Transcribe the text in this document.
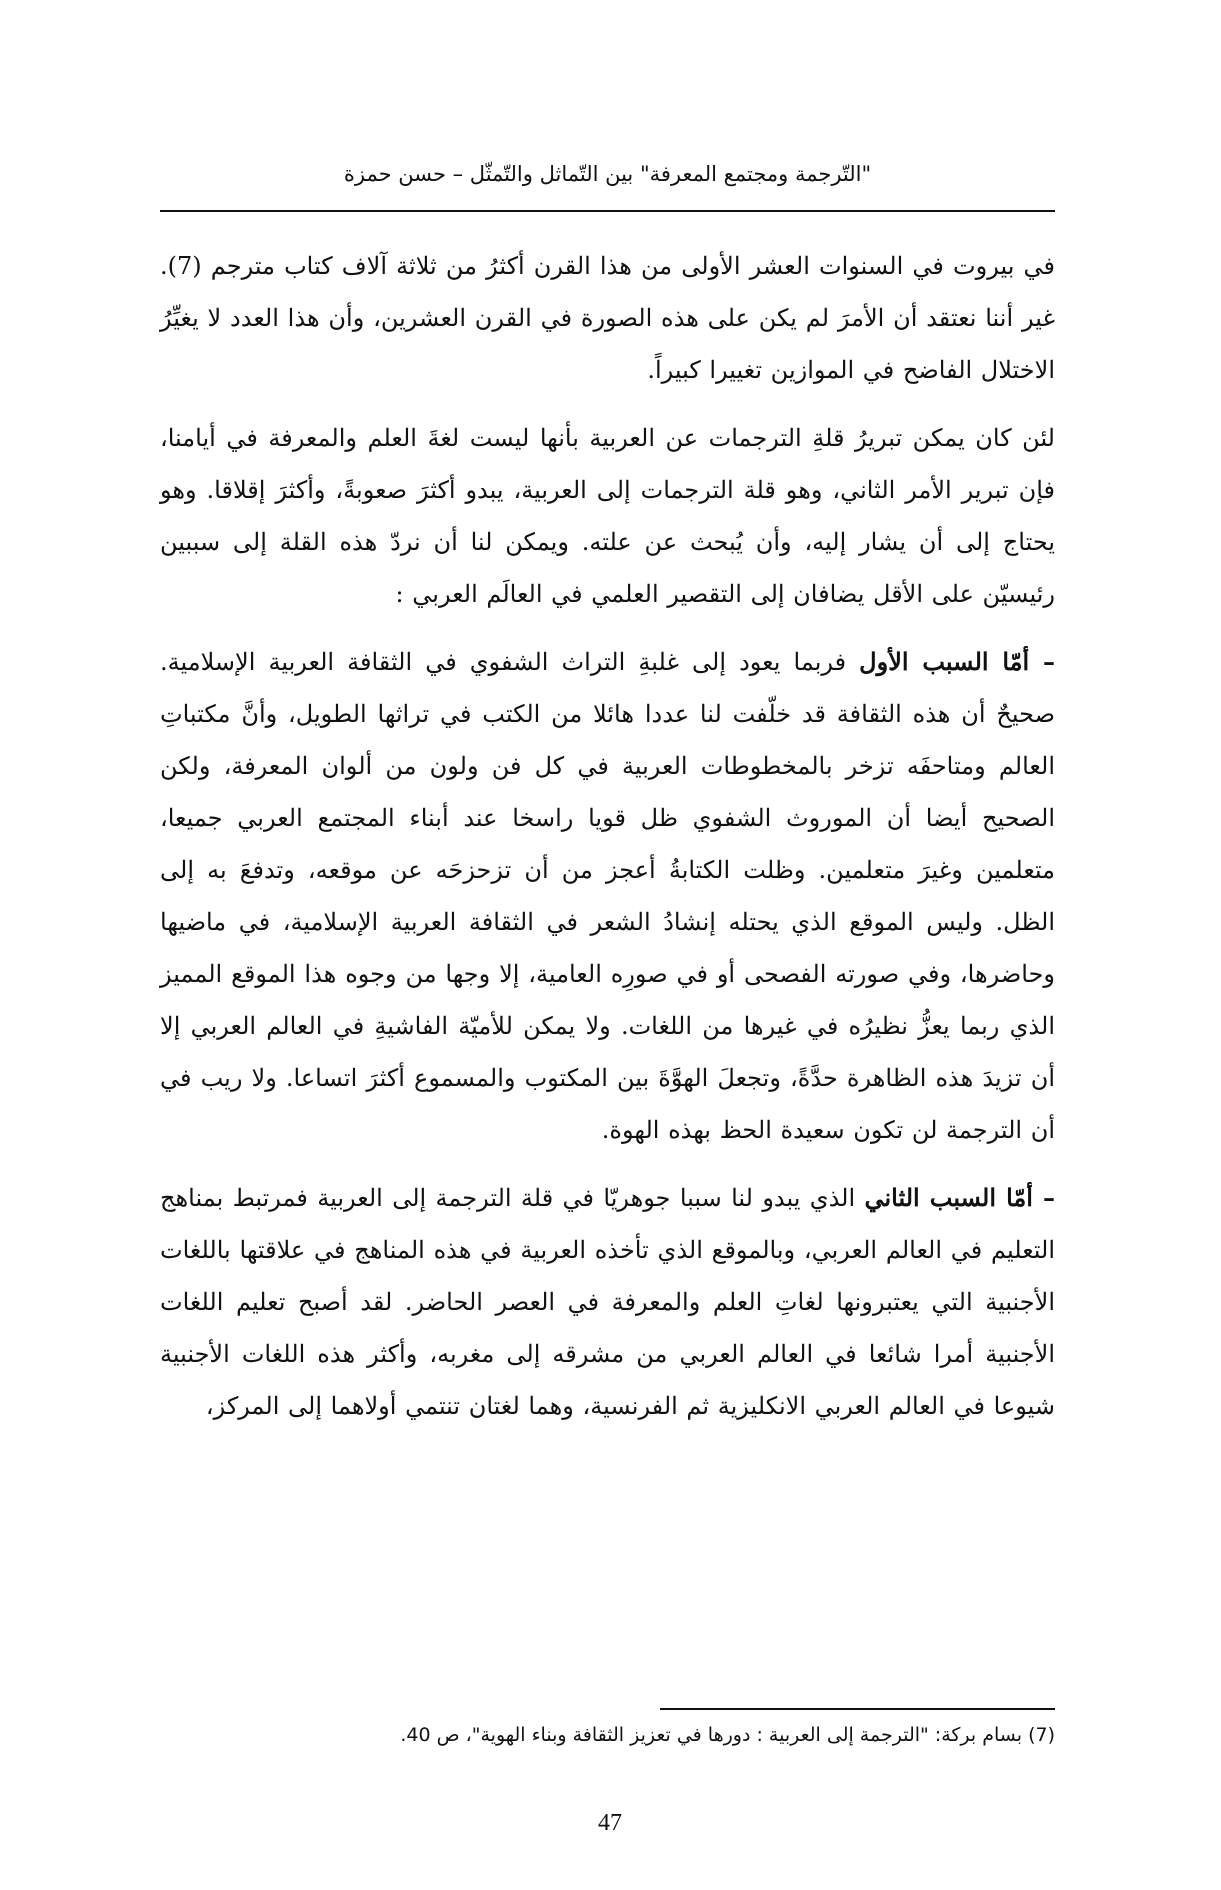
"التّرجمة ومجتمع المعرفة" بين التّماثل والتّمثّل – حسن حمزة

في بيروت في السنوات العشر الأولى من هذا القرن أكثرُ من ثلاثة آلاف كتاب مترجم (7). غير أننا نعتقد أن الأمرَ لم يكن على هذه الصورة في القرن العشرين، وأن هذا العدد لا يغيِّرُ الاختلال الفاضح في الموازين تغييرا كبيراً.

لئن كان يمكن تبريرُ قلةِ الترجمات عن العربية بأنها ليست لغةَ العلم والمعرفة في أيامنا، فإن تبرير الأمر الثاني، وهو قلة الترجمات إلى العربية، يبدو أكثرَ صعوبةً، وأكثرَ إقلاقا. وهو يحتاج إلى أن يشار إليه، وأن يُبحث عن علته. ويمكن لنا أن نردّ هذه القلة إلى سببين رئيسيّن على الأقل يضافان إلى التقصير العلمي في العالَم العربي :

– أمّا السبب الأول فربما يعود إلى غلبةِ التراث الشفوي في الثقافة العربية الإسلامية. صحيحٌ أن هذه الثقافة قد خلّفت لنا عددا هائلا من الكتب في تراثها الطويل، وأنَّ مكتباتِ العالم ومتاحفَه تزخر بالمخطوطات العربية في كل فن ولون من ألوان المعرفة، ولكن الصحيح أيضا أن الموروث الشفوي ظل قويا راسخا عند أبناء المجتمع العربي جميعا، متعلمين وغيرَ متعلمين. وظلت الكتابةُ أعجز من أن تزحزحَه عن موقعه، وتدفعَ به إلى الظل. وليس الموقع الذي يحتله إنشادُ الشعر في الثقافة العربية الإسلامية، في ماضيها وحاضرها، وفي صورته الفصحى أو في صورِه العامية، إلا وجها من وجوه هذا الموقع المميز الذي ربما يعزُّ نظيرُه في غيرها من اللغات. ولا يمكن للأميّة الفاشيةِ في العالم العربي إلا أن تزيدَ هذه الظاهرة حدَّةً، وتجعلَ الهوَّةَ بين المكتوب والمسموع أكثرَ اتساعا. ولا ريب في أن الترجمة لن تكون سعيدة الحظ بهذه الهوة.

– أمّا السبب الثاني الذي يبدو لنا سببا جوهريّا في قلة الترجمة إلى العربية فمرتبط بمناهج التعليم في العالم العربي، وبالموقع الذي تأخذه العربية في هذه المناهج في علاقتها باللغات الأجنبية التي يعتبرونها لغاتِ العلم والمعرفة في العصر الحاضر. لقد أصبح تعليم اللغات الأجنبية أمرا شائعا في العالم العربي من مشرقه إلى مغربه، وأكثر هذه اللغات الأجنبية شيوعا في العالم العربي الانكليزية ثم الفرنسية، وهما لغتان تنتمي أولاهما إلى المركز،

(7) بسام بركة: "الترجمة إلى العربية : دورها في تعزيز الثقافة وبناء الهوية"، ص 40.
47
